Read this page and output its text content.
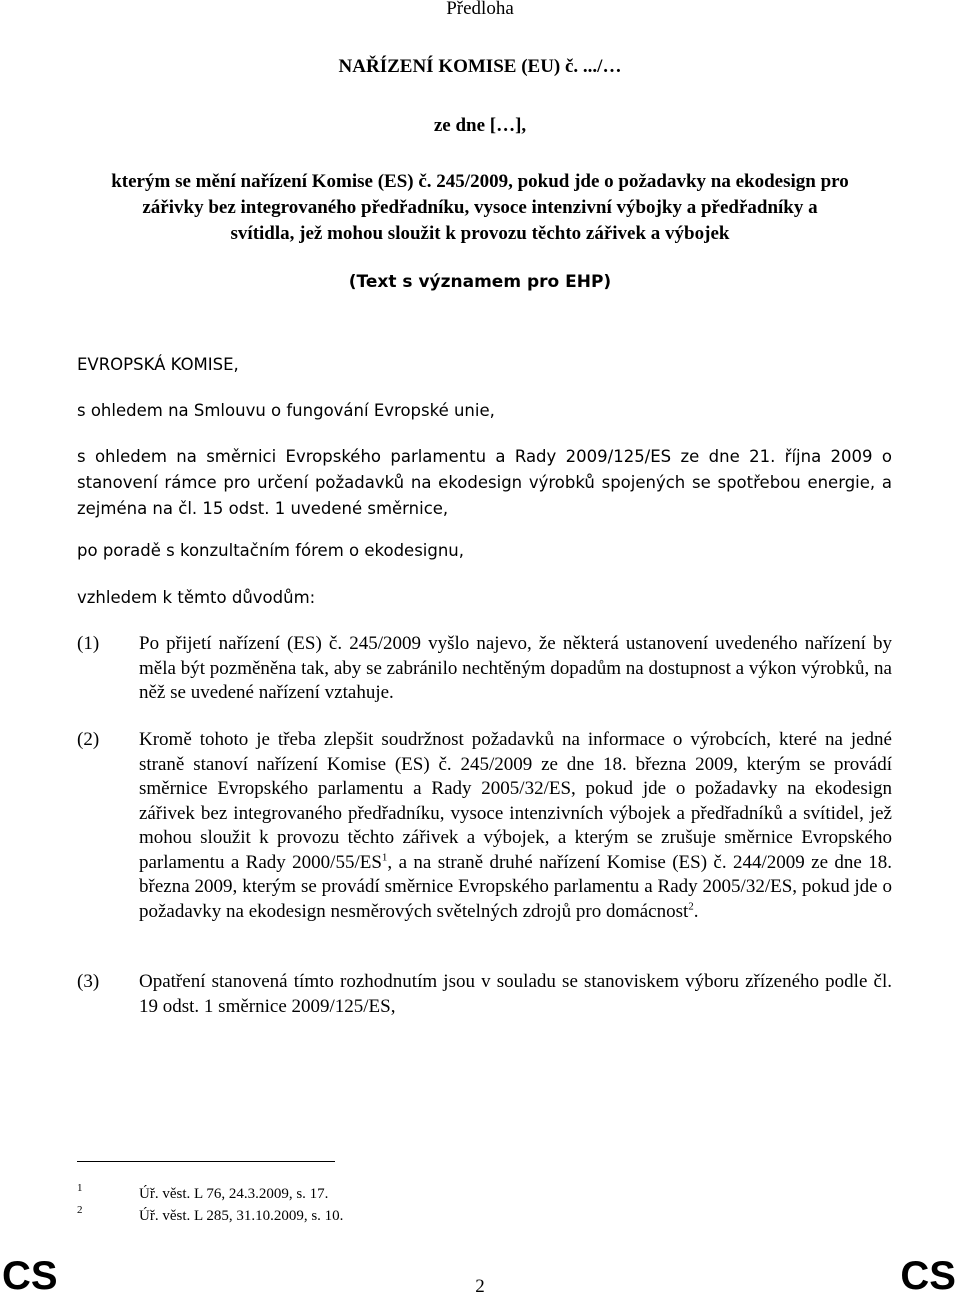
Předloha
NAŘÍZENÍ KOMISE (EU) č. .../…
ze dne […],
kterým se mění nařízení Komise (ES) č. 245/2009, pokud jde o požadavky na ekodesign pro zářivky bez integrovaného předřadníku, vysoce intenzivní výbojky a předřadníky a svítidla, jež mohou sloužit k provozu těchto zářivek a výbojek
(Text s významem pro EHP)
EVROPSKÁ KOMISE,
s ohledem na Smlouvu o fungování Evropské unie,
s ohledem na směrnici Evropského parlamentu a Rady 2009/125/ES ze dne 21. října 2009 o stanovení rámce pro určení požadavků na ekodesign výrobků spojených se spotřebou energie, a zejména na čl. 15 odst. 1 uvedené směrnice,
po poradě s konzultačním fórem o ekodesignu,
vzhledem k těmto důvodům:
(1)	Po přijetí nařízení (ES) č. 245/2009 vyšlo najevo, že některá ustanovení uvedeného nařízení by měla být pozměněna tak, aby se zabránilo nechtěným dopadům na dostupnost a výkon výrobků, na něž se uvedené nařízení vztahuje.
(2)	Kromě tohoto je třeba zlepšit soudržnost požadavků na informace o výrobcích, které na jedné straně stanoví nařízení Komise (ES) č. 245/2009 ze dne 18. března 2009, kterým se provádí směrnice Evropského parlamentu a Rady 2005/32/ES, pokud jde o požadavky na ekodesign zářivek bez integrovaného předřadníku, vysoce intenzivních výbojek a předřadníků a svítidel, jež mohou sloužit k provozu těchto zářivek a výbojek, a kterým se zrušuje směrnice Evropského parlamentu a Rady $2000/55/ES^1$, a na straně druhé nařízení Komise (ES) č. 244/2009 ze dne 18. března 2009, kterým se provádí směrnice Evropského parlamentu a Rady 2005/32/ES, pokud jde o požadavky na ekodesign nesměrových světelných zdrojů pro domácnost$^2$.
(3)	Opatření stanovená tímto rozhodnutím jsou v souladu se stanoviskem výboru zřízeného podle čl. 19 odst. 1 směrnice 2009/125/ES,
1	Úř. věst. L 76, 24.3.2009, s. 17.
2	Úř. věst. L 285, 31.10.2009, s. 10.
CS	2	CS
